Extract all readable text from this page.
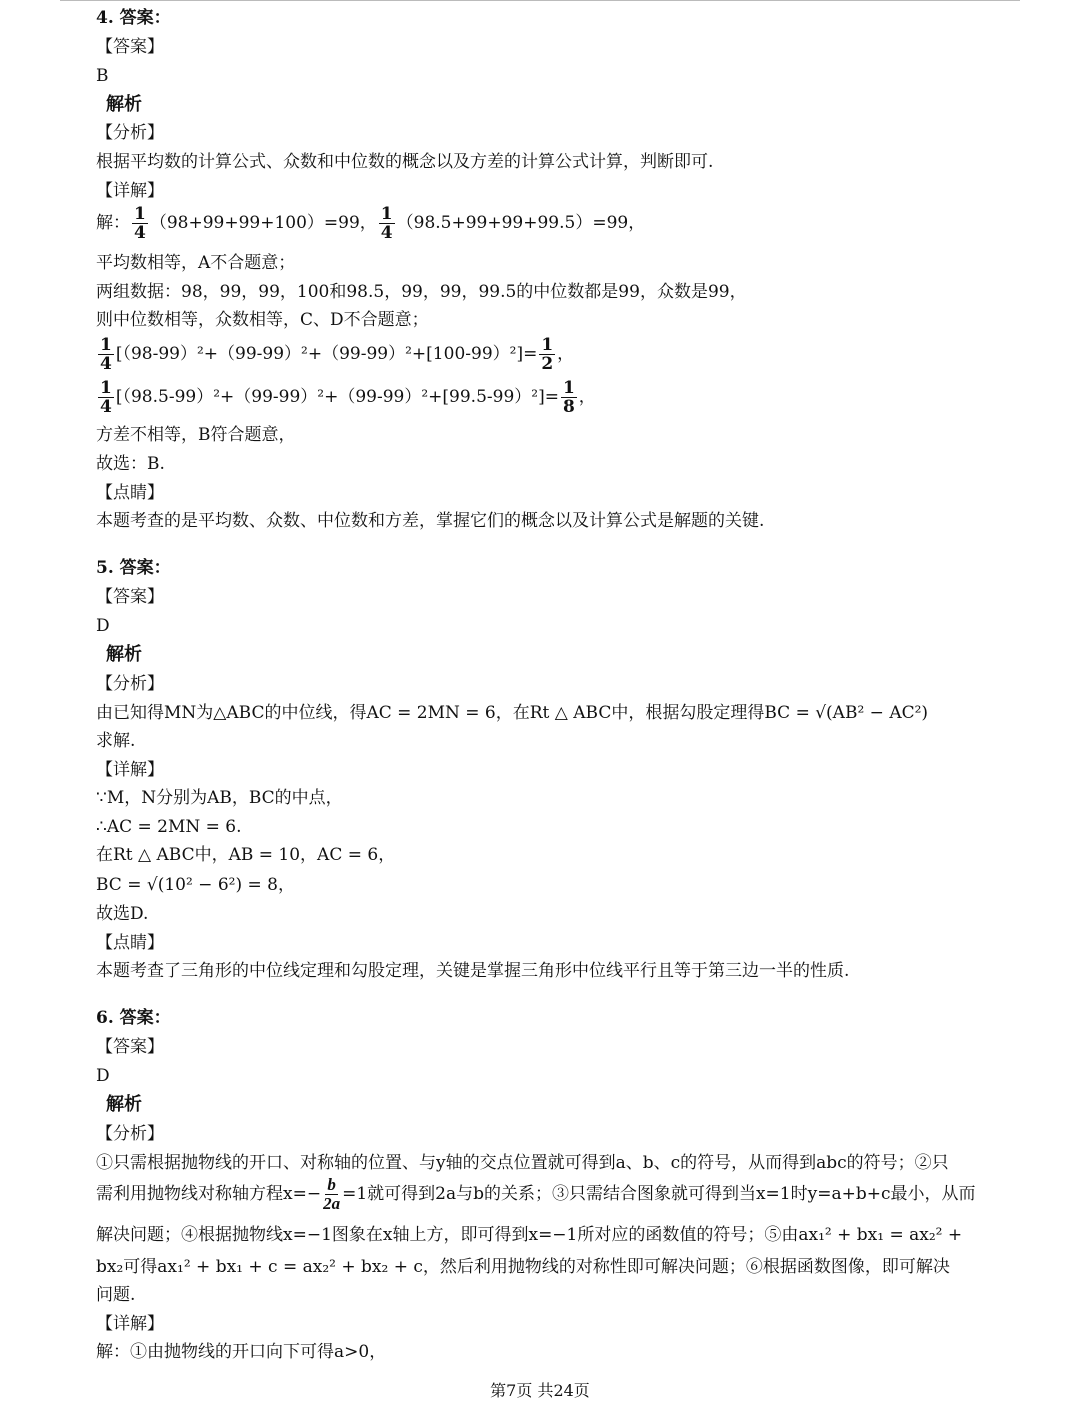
4. 答案：
【答案】
B
解析
【分析】
根据平均数的计算公式、众数和中位数的概念以及方差的计算公式计算，判断即可.
【详解】
解： $\frac{1}{4} (98+99+99+100)=99$， $\frac{1}{4} (98.5+99+99+99.5)=99$，
平均数相等，A不合题意；
两组数据：98，99，99，100和98.5，99，99，99.5的中位数都是99，众数是99，
则中位数相等，众数相等，C、D不合题意；
$\frac{1}{4} [(98-99)^2+(99-99)^2+(99-99)^2+[100-99)^2]= \frac{1}{2}$ ，
$\frac{1}{4} [(98.5-99)^2+(99-99)^2+(99-99)^2+[99.5-99)^2]= \frac{1}{8}$ ，
方差不相等，B符合题意，
故选：B.
【点睛】
本题考查的是平均数、众数、中位数和方差，掌握它们的概念以及计算公式是解题的关键.
5. 答案：
【答案】
D
解析
【分析】
由已知得MN为△ABC的中位线，得AC = 2MN = 6，在Rt △ ABC中，根据勾股定理得BC = √(AB² − AC²)
求解.
【详解】
∵M，N分别为AB，BC的中点，
∴AC = 2MN = 6.
在Rt △ ABC中，AB = 10，AC = 6，
BC = √(10² − 6²) = 8，
故选D.
【点睛】
本题考查了三角形的中位线定理和勾股定理，关键是掌握三角形中位线平行且等于第三边一半的性质.
6. 答案：
【答案】
D
解析
【分析】
①只需根据抛物线的开口、对称轴的位置、与y轴的交点位置就可得到a、b、c的符号，从而得到abc的符号；②只
需利用抛物线对称轴方程$x=- \frac{b}{2a} =1$就可得到2a与b的关系；③只需结合图象就可得到当x=1时y=a+b+c最小，从而
解决问题；④根据抛物线x=−1图象在x轴上方，即可得到x=−1所对应的函数值的符号；⑤由ax₁² + bx₁ = ax₂² +
bx₂可得ax₁² + bx₁ + c = ax₂² + bx₂ + c，然后利用抛物线的对称性即可解决问题；⑥根据函数图像，即可解决
问题.
【详解】
解：①由抛物线的开口向下可得a>0，
第7页 共24页
